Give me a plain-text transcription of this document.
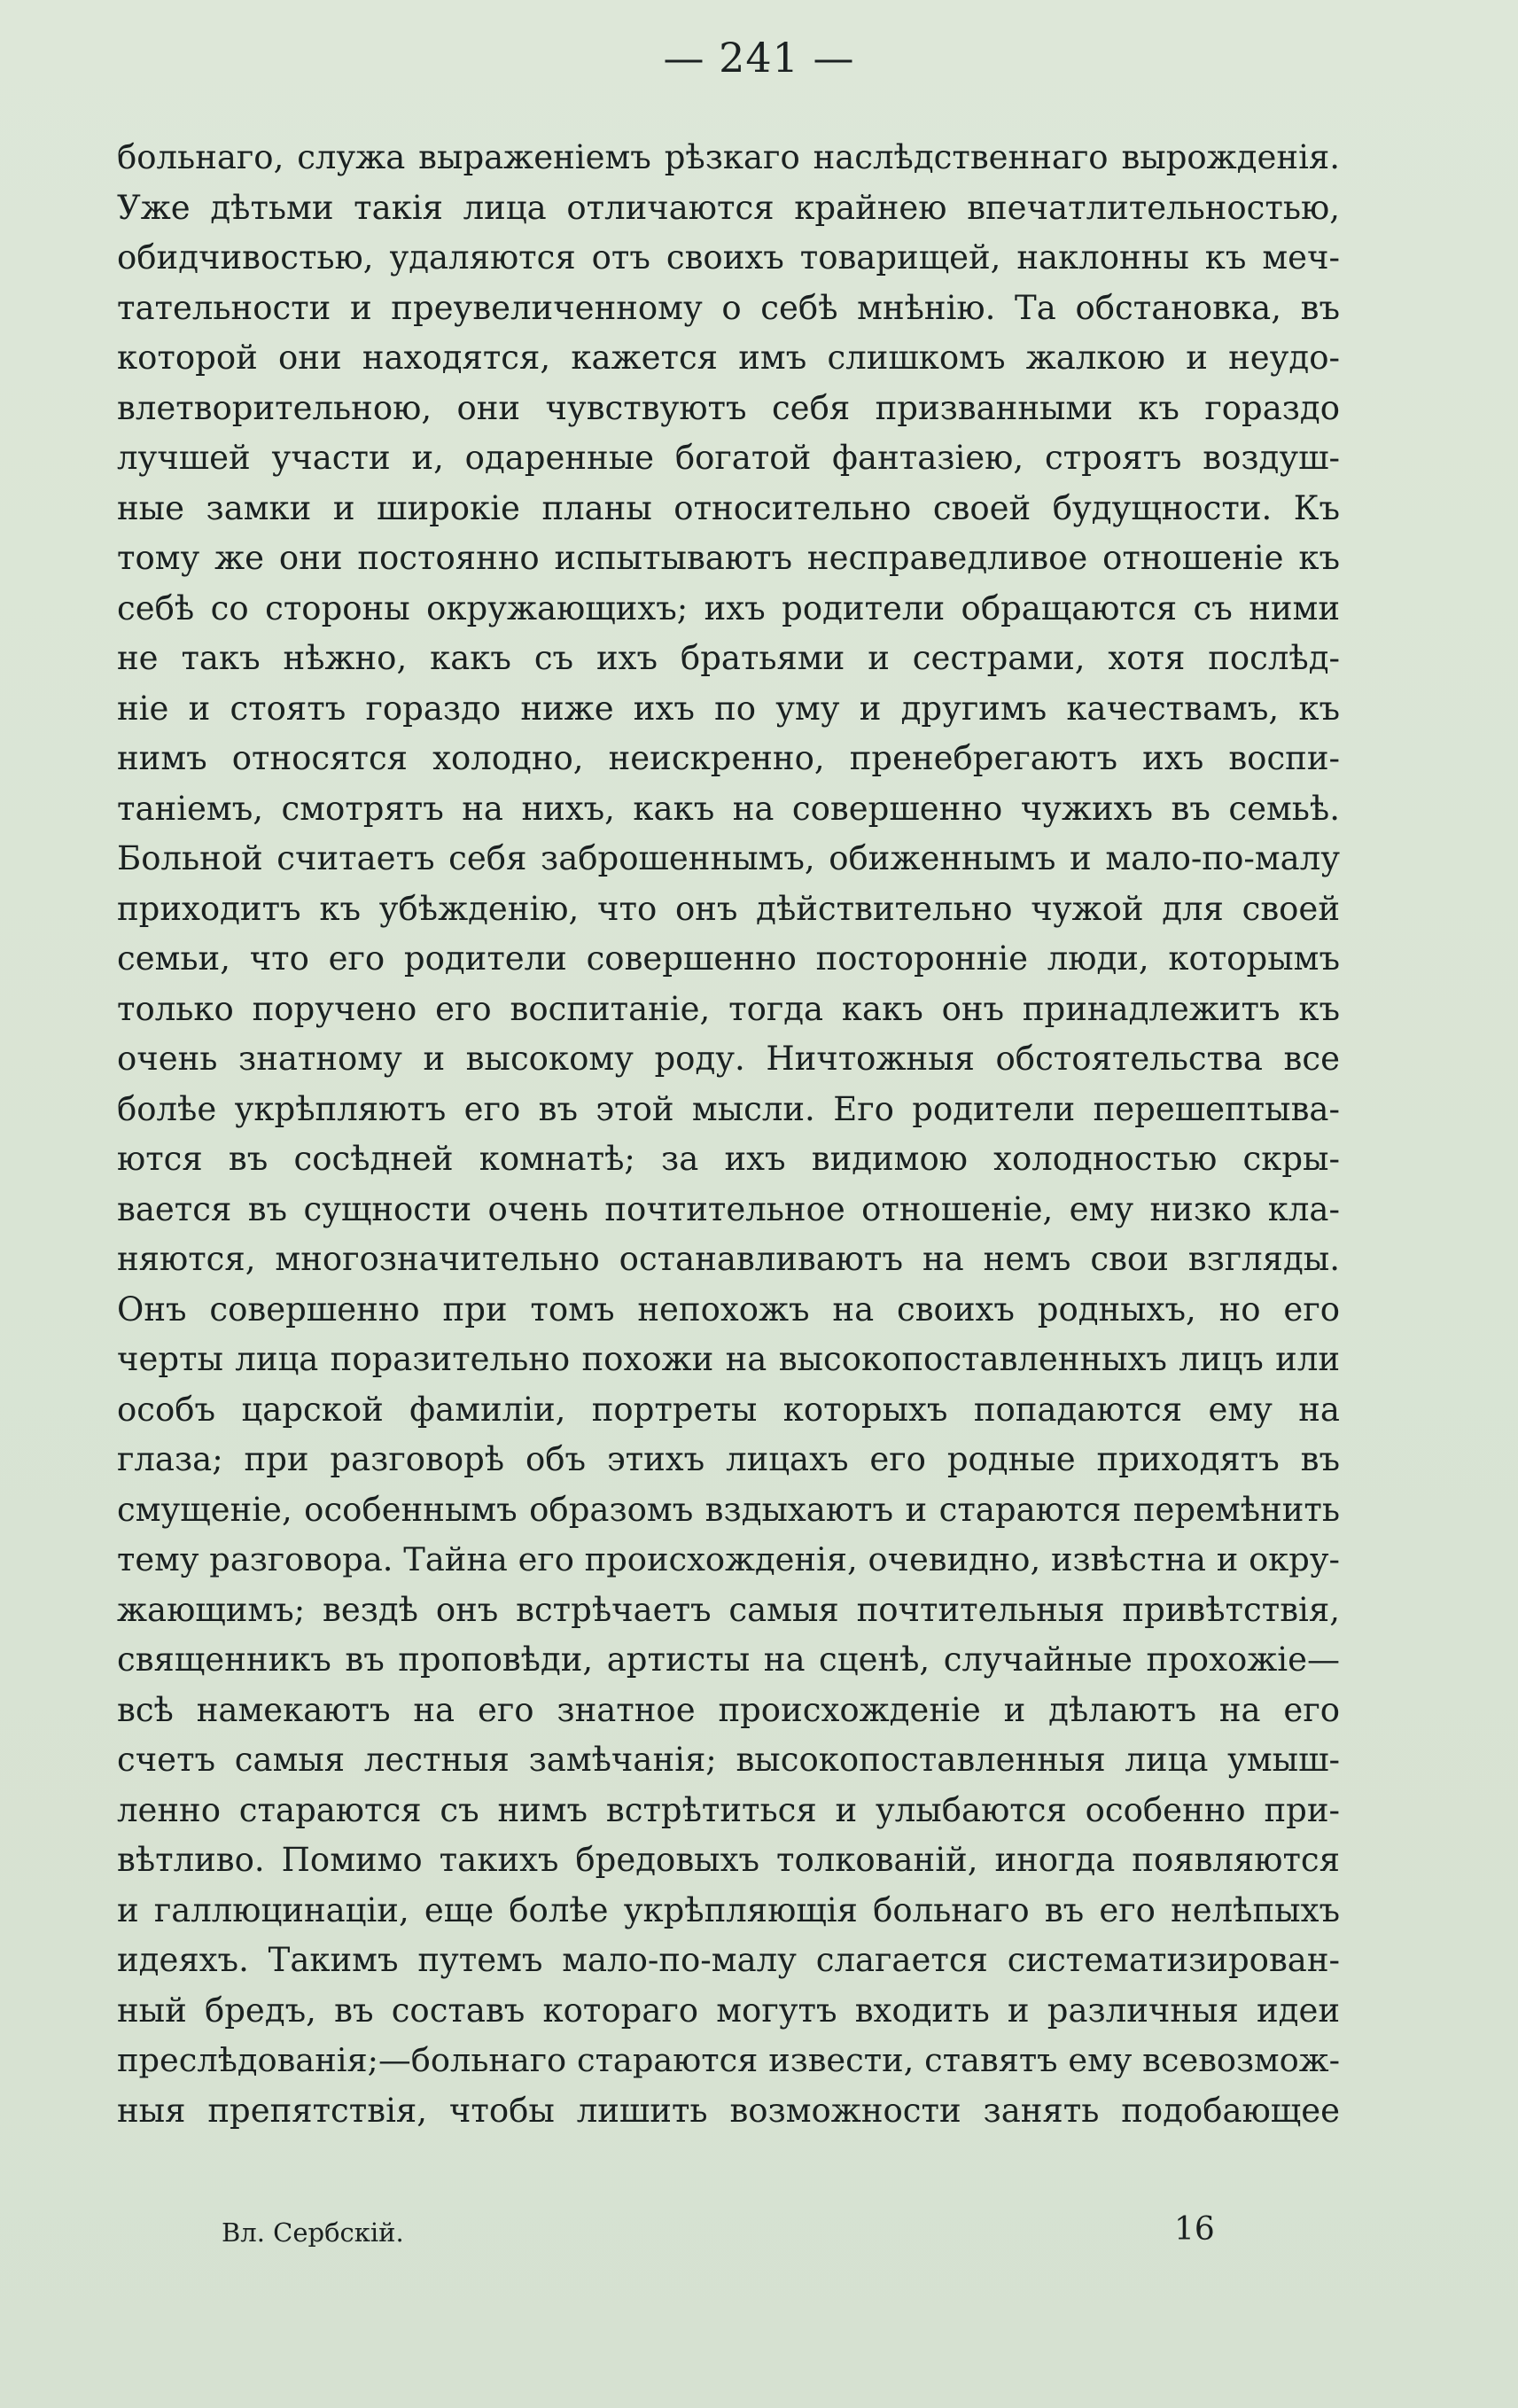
— 241 —
больнаго, служа выраженіемъ рѣзкаго наслѣдственнаго вырожденія.
Уже дѣтьми такія лица отличаются крайнею впечатлительностью,
обидчивостью, удаляются отъ своихъ товарищей, наклонны къ меч-
тательности и преувеличенному о себѣ мнѣнію. Та обстановка, въ
которой они находятся, кажется имъ слишкомъ жалкою и неудо-
влетворительною, они чувствуютъ себя призванными къ гораздо
лучшей участи и, одаренные богатой фантазіею, строятъ воздуш-
ные замки и широкіе планы относительно своей будущности. Къ
тому же они постоянно испытываютъ несправедливое отношеніе къ
себѣ со стороны окружающихъ; ихъ родители обращаются съ ними
не такъ нѣжно, какъ съ ихъ братьями и сестрами, хотя послѣд-
ніе и стоятъ гораздо ниже ихъ по уму и другимъ качествамъ, къ
нимъ относятся холодно, неискренно, пренебрегаютъ ихъ воспи-
таніемъ, смотрятъ на нихъ, какъ на совершенно чужихъ въ семьѣ.
Больной считаетъ себя заброшеннымъ, обиженнымъ и мало-по-малу
приходитъ къ убѣжденію, что онъ дѣйствительно чужой для своей
семьи, что его родители совершенно посторонніе люди, которымъ
только поручено его воспитаніе, тогда какъ онъ принадлежитъ къ
очень знатному и высокому роду. Ничтожныя обстоятельства все
болѣе укрѣпляютъ его въ этой мысли. Его родители перешептыва-
ются въ сосѣдней комнатѣ; за ихъ видимою холодностью скры-
вается въ сущности очень почтительное отношеніе, ему низко кла-
няются, многозначительно останавливаютъ на немъ свои взгляды.
Онъ совершенно при томъ непохожъ на своихъ родныхъ, но его
черты лица поразительно похожи на высокопоставленныхъ лицъ или
особъ царской фамиліи, портреты которыхъ попадаются ему на
глаза; при разговорѣ объ этихъ лицахъ его родные приходятъ въ
смущеніе, особеннымъ образомъ вздыхаютъ и стараются перемѣнить
тему разговора. Тайна его происхожденія, очевидно, извѣстна и окру-
жающимъ; вездѣ онъ встрѣчаетъ самыя почтительныя привѣтствія,
священникъ въ проповѣди, артисты на сценѣ, случайные прохожіе—
всѣ намекаютъ на его знатное происхожденіе и дѣлаютъ на его
счетъ самыя лестныя замѣчанія; высокопоставленныя лица умыш-
ленно стараются съ нимъ встрѣтиться и улыбаются особенно при-
вѣтливо. Помимо такихъ бредовыхъ толкованій, иногда появляются
и галлюцинаціи, еще болѣе укрѣпляющія больнаго въ его нелѣпыхъ
идеяхъ. Такимъ путемъ мало-по-малу слагается систематизирован-
ный бредъ, въ составъ котораго могутъ входить и различныя идеи
преслѣдованія;—больнаго стараются извести, ставятъ ему всевозмож-
ныя препятствія, чтобы лишить возможности занять подобающее
Вл. Сербскій.	16
